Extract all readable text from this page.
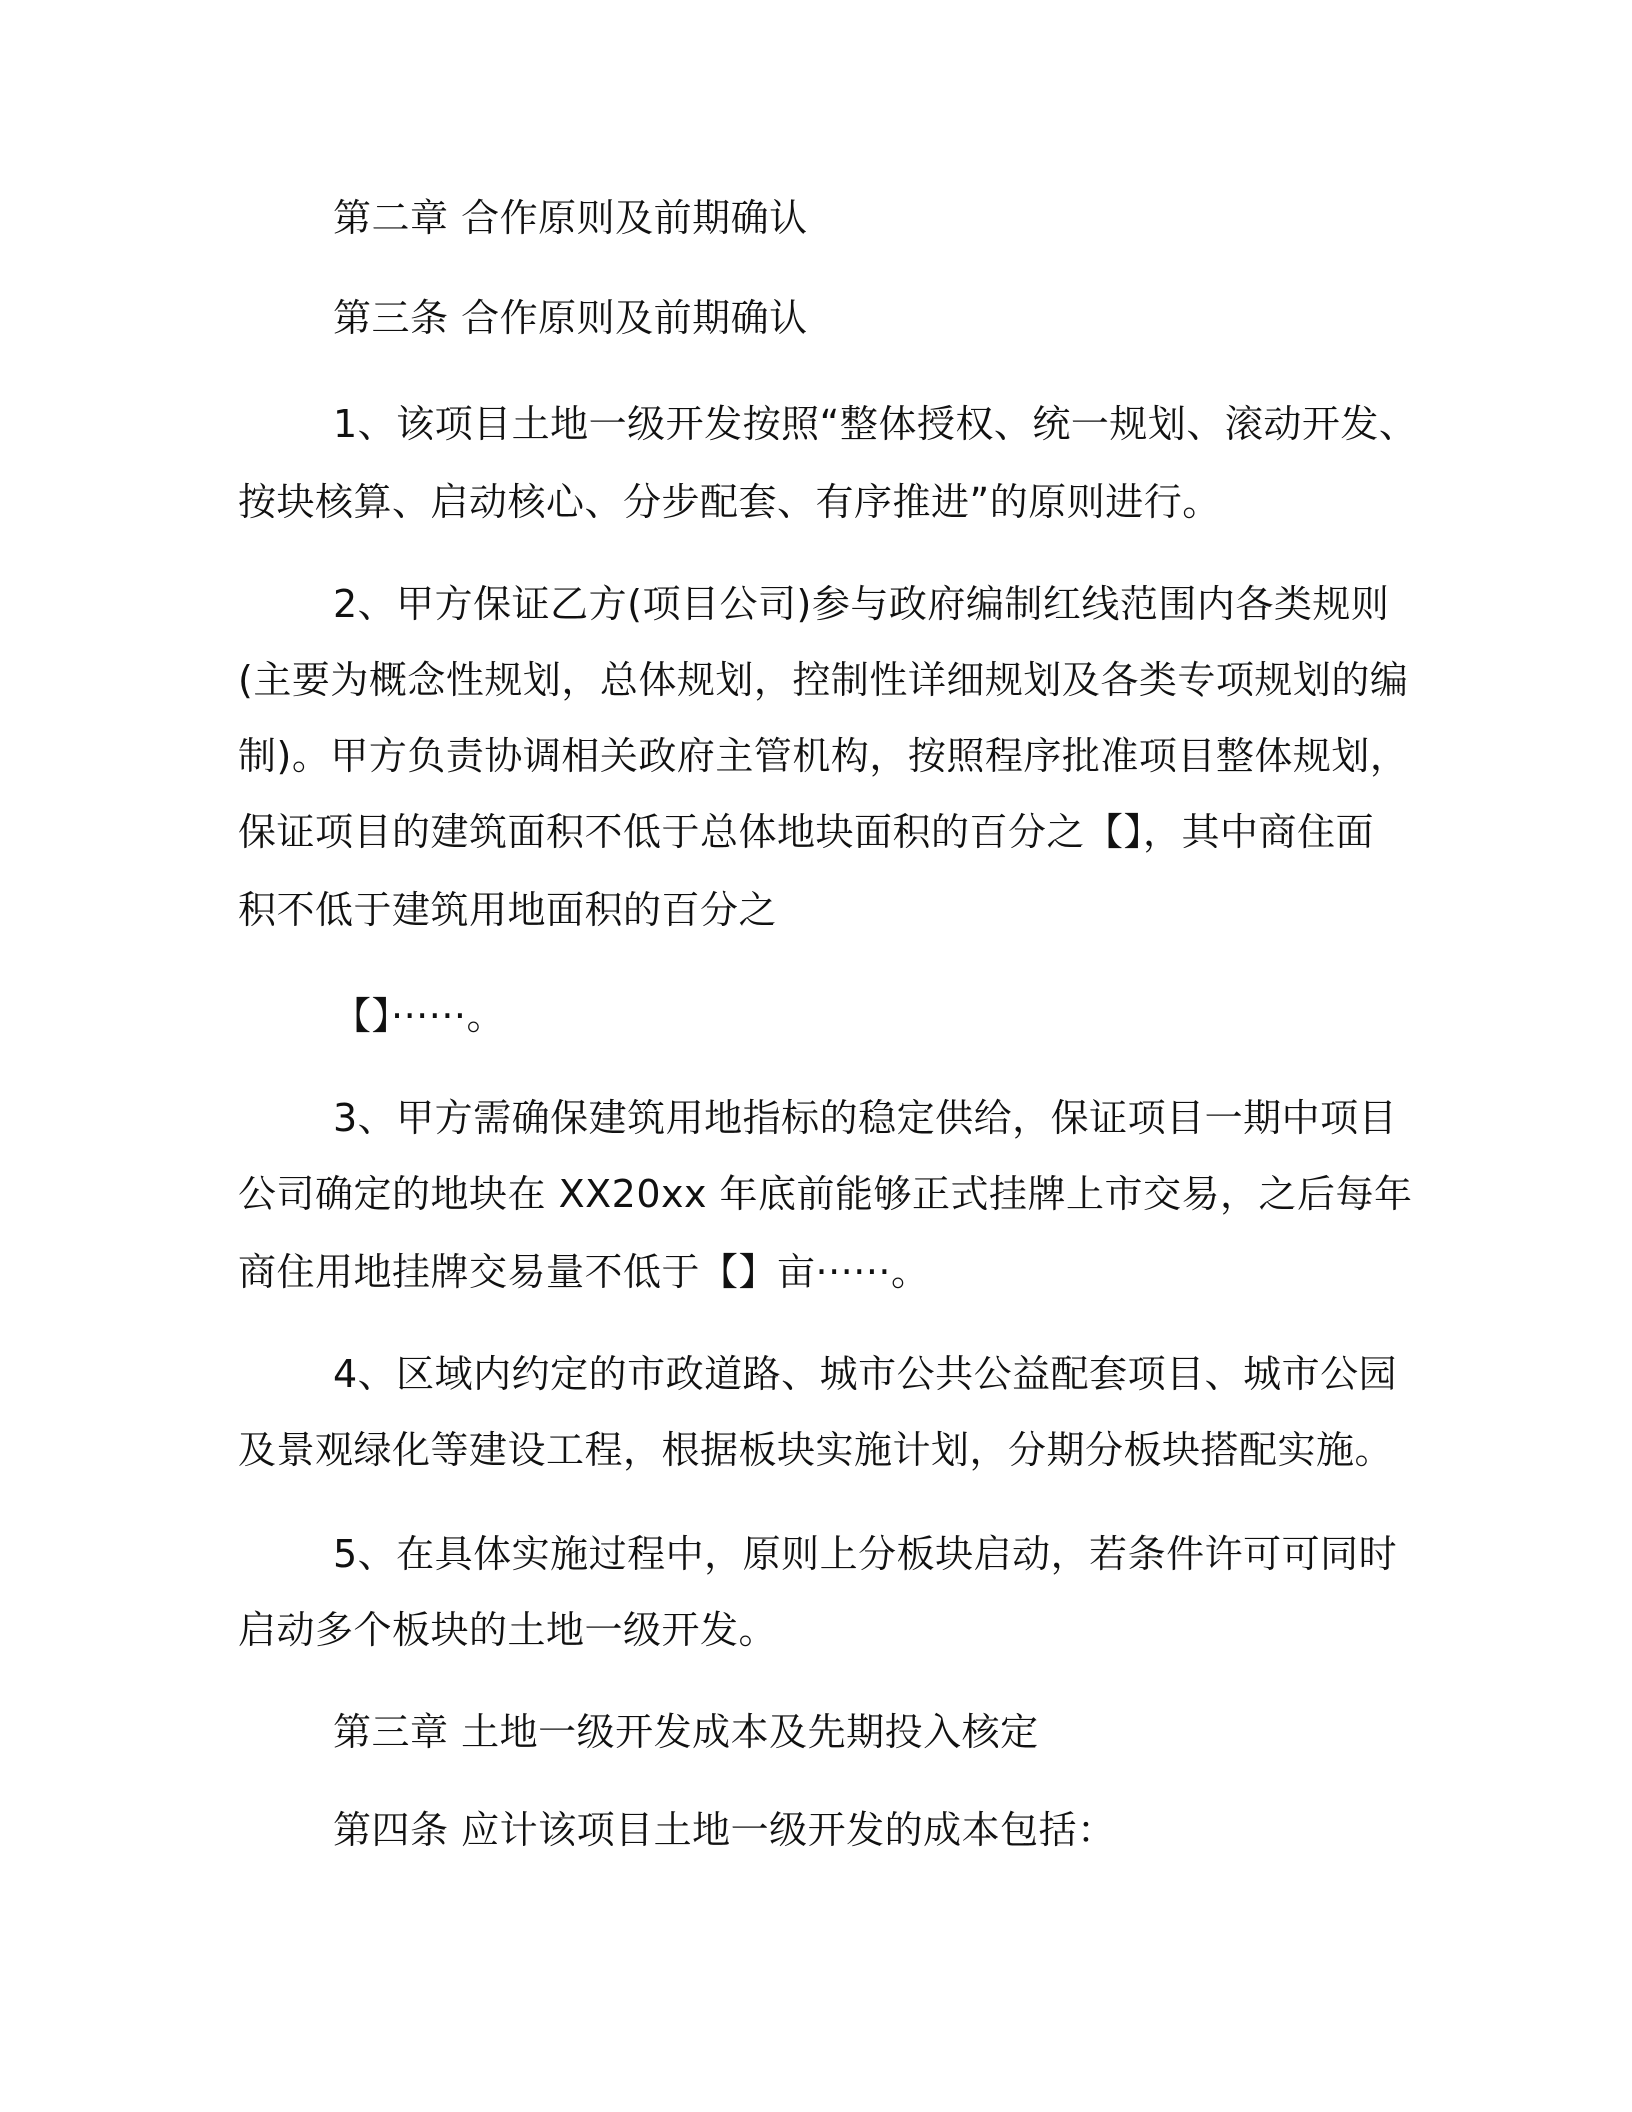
第二章 合作原则及前期确认
第三条 合作原则及前期确认
1、该项目土地一级开发按照“整体授权、统一规划、滚动开发、
按块核算、启动核心、分步配套、有序推进”的原则进行。
2、甲方保证乙方(项目公司)参与政府编制红线范围内各类规则
(主要为概念性规划，总体规划，控制性详细规划及各类专项规划的编
制)。甲方负责协调相关政府主管机构，按照程序批准项目整体规划，
保证项目的建筑面积不低于总体地块面积的百分之【】，其中商住面
积不低于建筑用地面积的百分之
【】······。
3、甲方需确保建筑用地指标的稳定供给，保证项目一期中项目
公司确定的地块在 XX20xx 年底前能够正式挂牌上市交易，之后每年
商住用地挂牌交易量不低于【】亩······。
4、区域内约定的市政道路、城市公共公益配套项目、城市公园
及景观绿化等建设工程，根据板块实施计划，分期分板块搭配实施。
5、在具体实施过程中，原则上分板块启动，若条件许可可同时
启动多个板块的土地一级开发。
第三章 土地一级开发成本及先期投入核定
第四条 应计该项目土地一级开发的成本包括：
